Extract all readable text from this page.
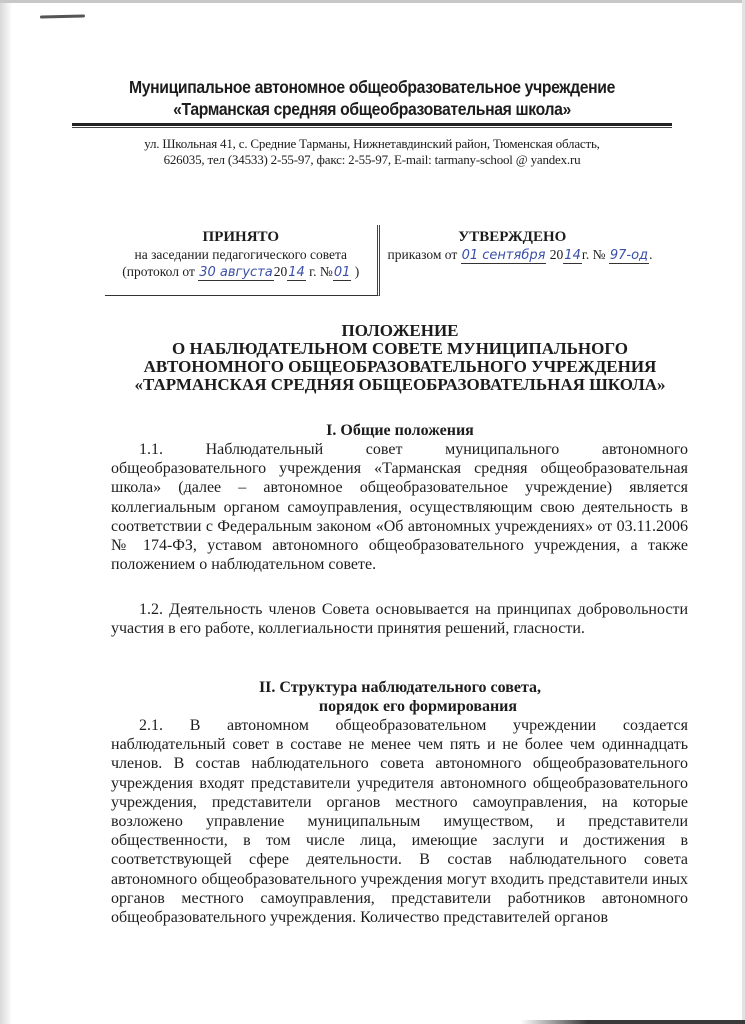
Муниципальное автономное общеобразовательное учреждение
«Тарманская средняя общеобразовательная школа»
ул. Школьная 41, с. Средние Тарманы, Нижнетавдинский район, Тюменская область,
626035, тел (34533) 2-55-97, факс: 2-55-97, E-mail: tarmany-school @ yandex.ru
ПРИНЯТО
на заседании педагогического совета
(протокол от 30 августа2014 г. №01 )
УТВЕРЖДЕНО
приказом от 01 сентября 2014г. № 97-од.
ПОЛОЖЕНИЕ
О НАБЛЮДАТЕЛЬНОМ СОВЕТЕ МУНИЦИПАЛЬНОГО
АВТОНОМНОГО ОБЩЕОБРАЗОВАТЕЛЬНОГО УЧРЕЖДЕНИЯ
«ТАРМАНСКАЯ СРЕДНЯЯ ОБЩЕОБРАЗОВАТЕЛЬНАЯ ШКОЛА»
I. Общие положения
1.1. Наблюдательный совет муниципального автономного общеобразовательного учреждения «Тарманская средняя общеобразовательная школа» (далее – автономное общеобразовательное учреждение) является коллегиальным органом самоуправления, осуществляющим свою деятельность в соответствии с Федеральным законом «Об автономных учреждениях» от 03.11.2006 № 174-ФЗ, уставом автономного общеобразовательного учреждения, а также положением о наблюдательном совете.
1.2. Деятельность членов Совета основывается на принципах добровольности участия в его работе, коллегиальности принятия решений, гласности.
II. Структура наблюдательного совета,
порядок его формирования
2.1. В автономном общеобразовательном учреждении создается наблюдательный совет в составе не менее чем пять и не более чем одиннадцать членов. В состав наблюдательного совета автономного общеобразовательного учреждения входят представители учредителя автономного общеобразовательного учреждения, представители органов местного самоуправления, на которые возложено управление муниципальным имуществом, и представители общественности, в том числе лица, имеющие заслуги и достижения в соответствующей сфере деятельности. В состав наблюдательного совета автономного общеобразовательного учреждения могут входить представители иных органов местного самоуправления, представители работников автономного общеобразовательного учреждения. Количество представителей органов
